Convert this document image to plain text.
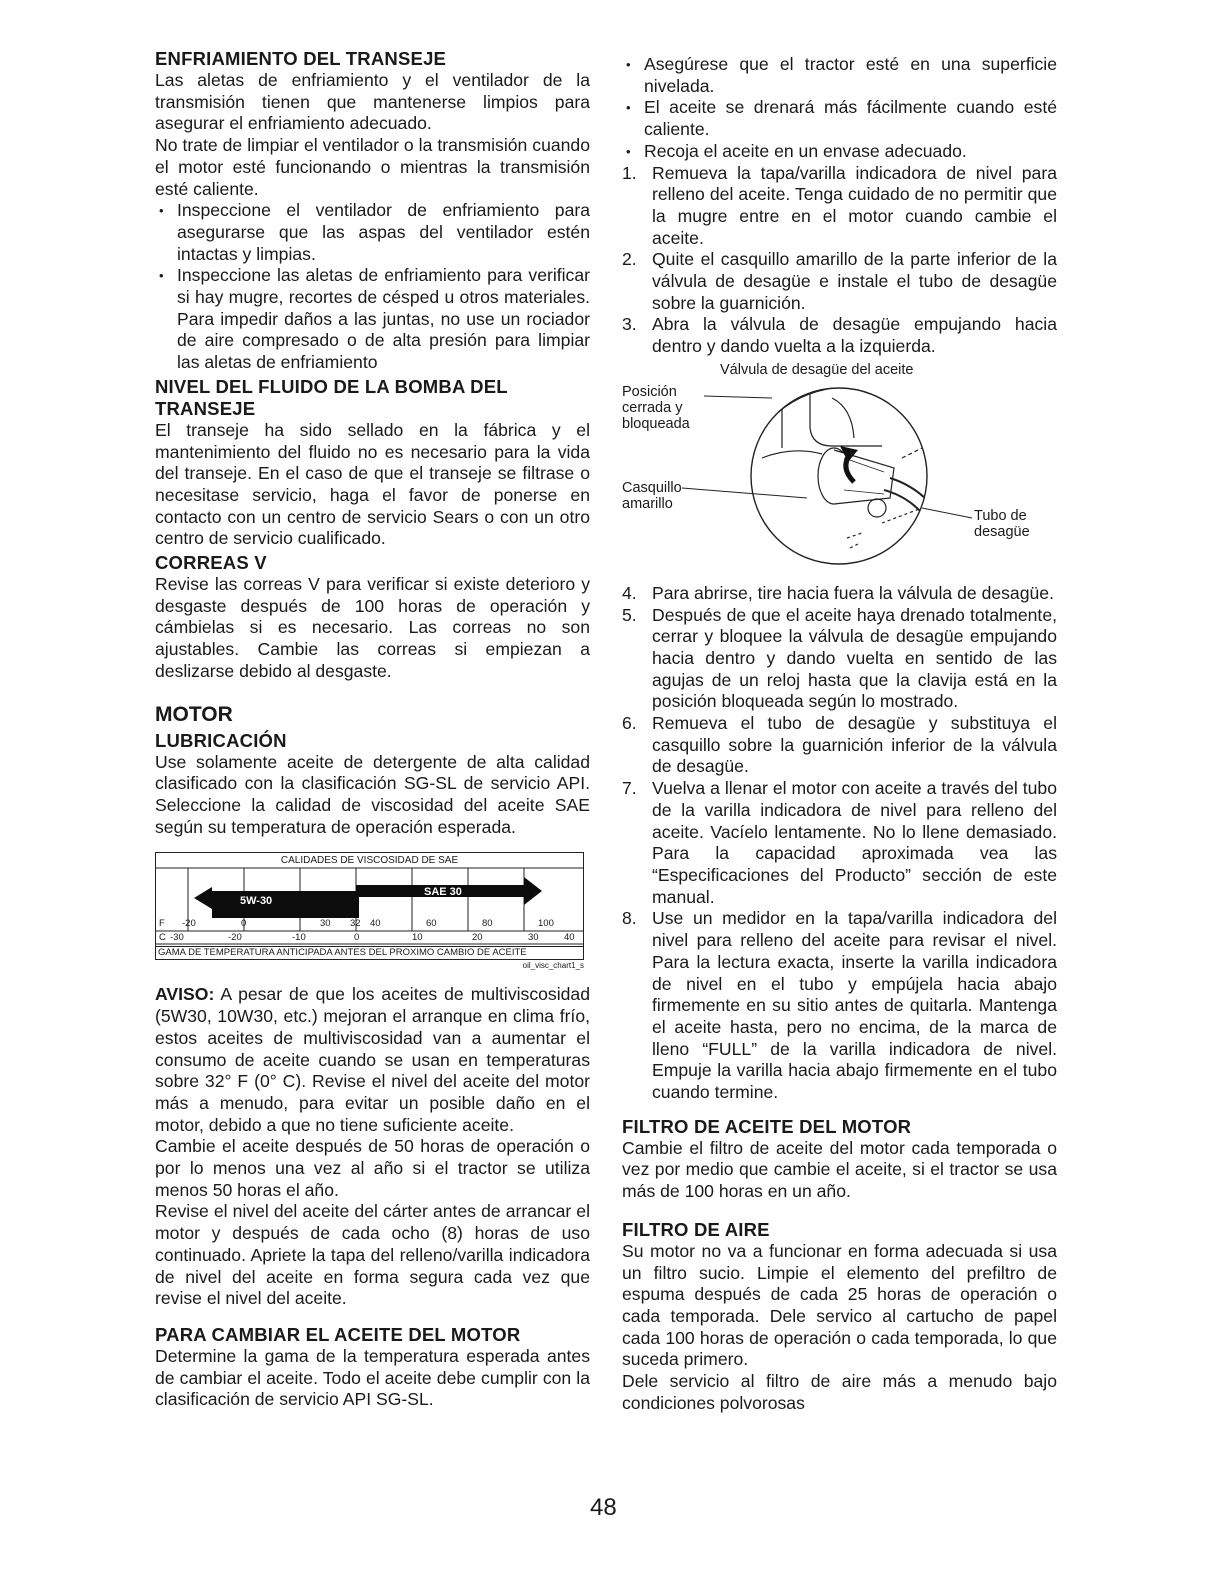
ENFRIAMIENTO DEL TRANSEJE

Las aletas de enfriamiento y el ventilador de la transmisión tienen que mantenerse limpios para asegurar el enfriamiento adecuado.

No trate de limpiar el ventilador o la transmisión cuando el motor esté funcionando o mientras la transmisión esté caliente.

• Inspeccione el ventilador de enfriamiento para asegurarse que las aspas del ventilador estén intactas y limpias.
• Inspeccione las aletas de enfriamiento para verificar si hay mugre, recortes de césped u otros materiales. Para impedir daños a las juntas, no use un rociador de aire compresado o de alta presión para limpiar las aletas de enfriamiento
NIVEL DEL FLUIDO DE LA BOMBA DEL TRANSEJE

El transeje ha sido sellado en la fábrica y el mantenimiento del fluido no es necesario para la vida del transeje. En el caso de que el transeje se filtrase o necesitase servicio, haga el favor de ponerse en contacto con un centro de servicio Sears o con un otro centro de servicio cualificado.

CORREAS V

Revise las correas V para verificar si existe deterioro y desgaste después de 100 horas de operación y cámbielas si es necesario. Las correas no son ajustables. Cambie las correas si empiezan a deslizarse debido al desgaste.

MOTOR
LUBRICACIÓN

Use solamente aceite de detergente de alta calidad clasificado con la clasificación SG-SL de servicio API. Seleccione la calidad de viscosidad del aceite SAE según su temperatura de operación esperada.

CALIDADES DE VISCOSIDAD DE SAE
5W-30
SAE 30
F -20	0	30 32 40	60	80	100
C -30	-20	-10	0	10	20	30	40
GAMA DE TEMPERATURA ANTICIPADA ANTES DEL PROXIMO CAMBIO DE ACEITE
oil_visc_chart1_s

AVISO: A pesar de que los aceites de multiviscosidad (5W30, 10W30, etc.) mejoran el arranque en clima frío, estos aceites de multiviscosidad van a aumentar el consumo de aceite cuando se usan en temperaturas sobre 32° F (0° C). Revise el nivel del aceite del motor más a menudo, para evitar un posible daño en el motor, debido a que no tiene suficiente aceite.

Cambie el aceite después de 50 horas de operación o por lo menos una vez al año si el tractor se utiliza menos 50 horas el año.

Revise el nivel del aceite del cárter antes de arrancar el motor y después de cada ocho (8) horas de uso continuado. Apriete la tapa del relleno/varilla indicadora de nivel del aceite en forma segura cada vez que revise el nivel del aceite.

PARA CAMBIAR EL ACEITE DEL MOTOR

Determine la gama de la temperatura esperada antes de cambiar el aceite. Todo el aceite debe cumplir con la clasificación de servicio API SG-SL.

• Asegúrese que el tractor esté en una superficie nivelada.
• El aceite se drenará más fácilmente cuando esté caliente.
• Recoja el aceite en un envase adecuado.
1. Remueva la tapa/varilla indicadora de nivel para relleno del aceite. Tenga cuidado de no permitir que la mugre entre en el motor cuando cambie el aceite.
2. Quite el casquillo amarillo de la parte inferior de la válvula de desagüe e instale el tubo de desagüe sobre la guarnición.
3. Abra la válvula de desagüe empujando hacia dentro y dando vuelta a la izquierda.
Válvula de desagüe del aceite
Posición cerrada y bloqueada
Casquillo amarillo
Tubo de desagüe
4. Para abrirse, tire hacia fuera la válvula de desagüe.
5. Después de que el aceite haya drenado totalmente, cerrar y bloquee la válvula de desagüe empujando hacia dentro y dando vuelta en sentido de las agujas de un reloj hasta que la clavija está en la posición bloqueada según lo mostrado.
6. Remueva el tubo de desagüe y substituya el casquillo sobre la guarnición inferior de la válvula de desagüe.
7. Vuelva a llenar el motor con aceite a través del tubo de la varilla indicadora de nivel para relleno del aceite. Vacíelo lentamente. No lo llene demasiado. Para la capacidad aproximada vea las “Especificaciones del Producto” sección de este manual.
8. Use un medidor en la tapa/varilla indicadora del nivel para relleno del aceite para revisar el nivel. Para la lectura exacta, inserte la varilla indicadora de nivel en el tubo y empújela hacia abajo firmemente en su sitio antes de quitarla. Mantenga el aceite hasta, pero no encima, de la marca de lleno “FULL” de la varilla indicadora de nivel. Empuje la varilla hacia abajo firmemente en el tubo cuando termine.
FILTRO DE ACEITE DEL MOTOR

Cambie el filtro de aceite del motor cada temporada o vez por medio que cambie el aceite, si el tractor se usa más de 100 horas en un año.

FILTRO DE AIRE

Su motor no va a funcionar en forma adecuada si usa un filtro sucio. Limpie el elemento del prefiltro de espuma después de cada 25 horas de operación o cada temporada. Dele servico al cartucho de papel cada 100 horas de operación o cada temporada, lo que suceda primero.

Dele servicio al filtro de aire más a menudo bajo condiciones polvorosas

48
